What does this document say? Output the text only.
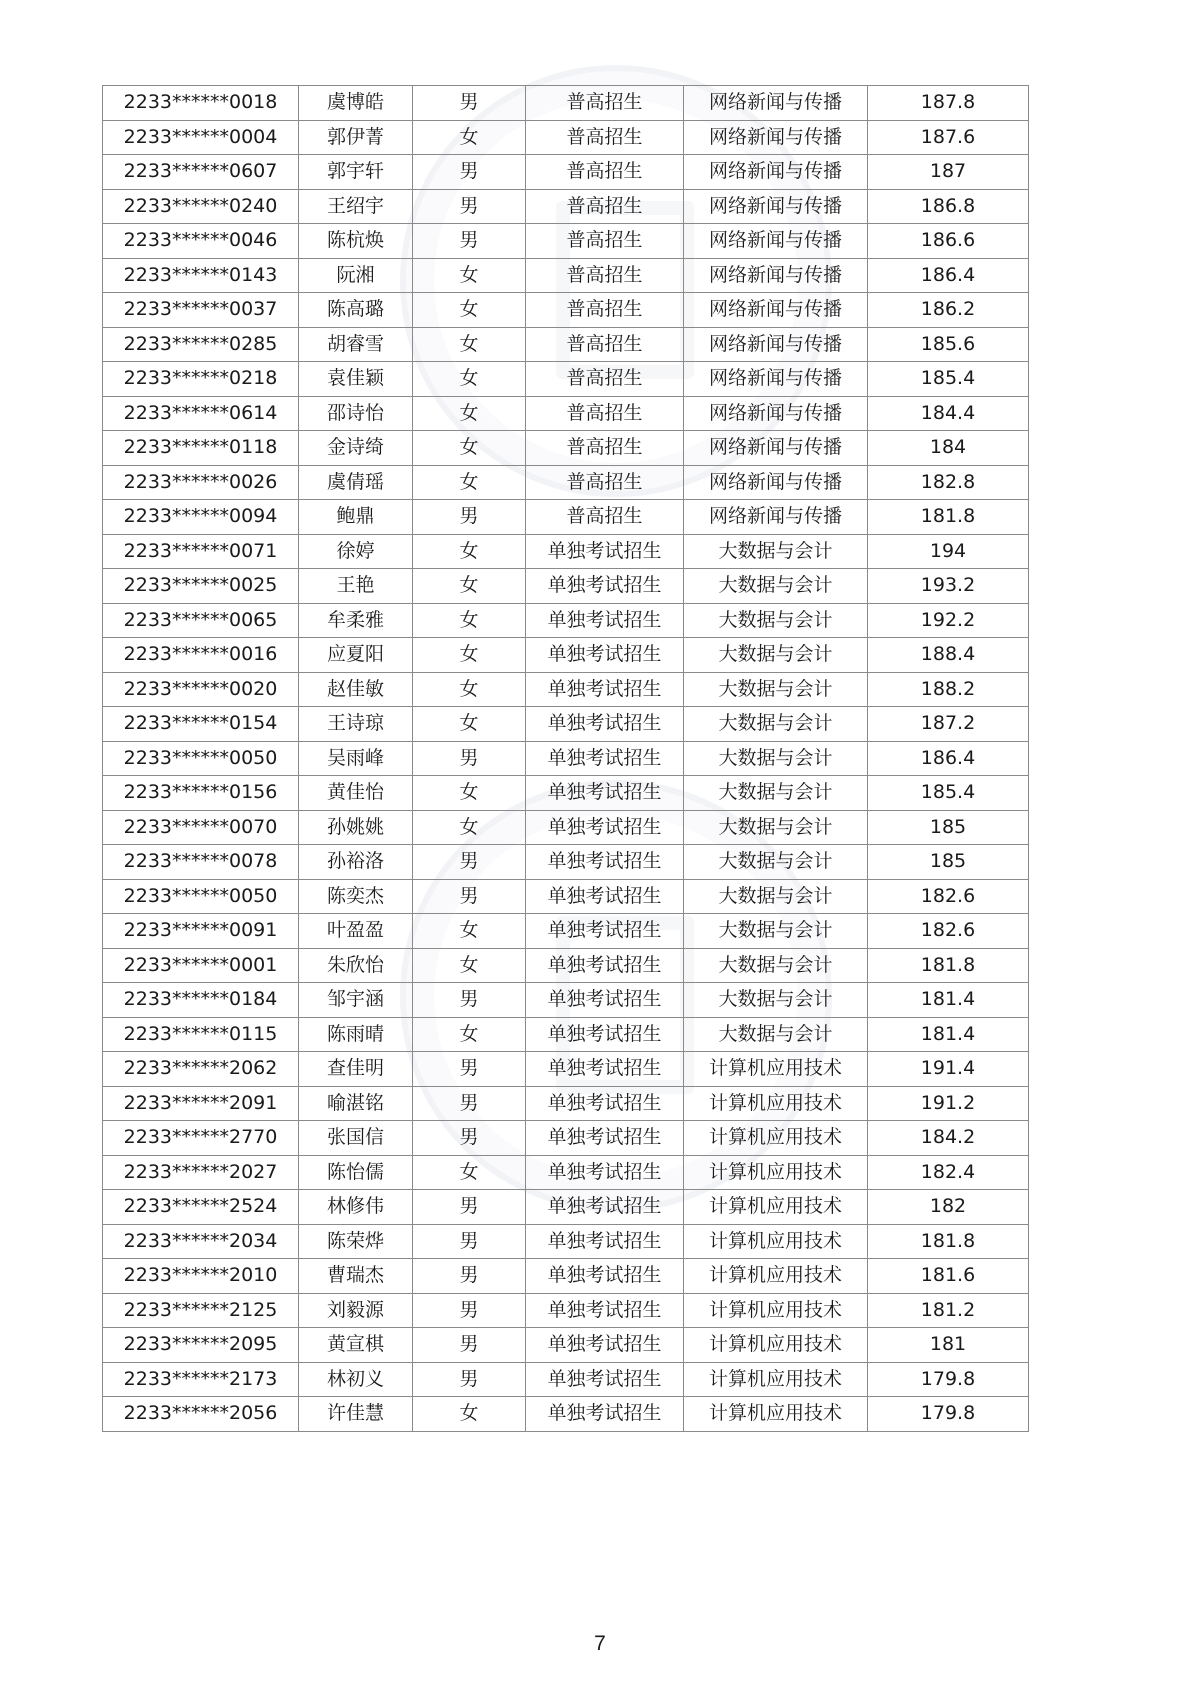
2233******0018	虞博皓	男	普高招生	网络新闻与传播	187.8
2233******0004	郭伊菁	女	普高招生	网络新闻与传播	187.6
2233******0607	郭宇轩	男	普高招生	网络新闻与传播	187
2233******0240	王绍宇	男	普高招生	网络新闻与传播	186.8
2233******0046	陈杭焕	男	普高招生	网络新闻与传播	186.6
2233******0143	阮湘	女	普高招生	网络新闻与传播	186.4
2233******0037	陈高璐	女	普高招生	网络新闻与传播	186.2
2233******0285	胡睿雪	女	普高招生	网络新闻与传播	185.6
2233******0218	袁佳颖	女	普高招生	网络新闻与传播	185.4
2233******0614	邵诗怡	女	普高招生	网络新闻与传播	184.4
2233******0118	金诗绮	女	普高招生	网络新闻与传播	184
2233******0026	虞倩瑶	女	普高招生	网络新闻与传播	182.8
2233******0094	鲍鼎	男	普高招生	网络新闻与传播	181.8
2233******0071	徐婷	女	单独考试招生	大数据与会计	194
2233******0025	王艳	女	单独考试招生	大数据与会计	193.2
2233******0065	牟柔雅	女	单独考试招生	大数据与会计	192.2
2233******0016	应夏阳	女	单独考试招生	大数据与会计	188.4
2233******0020	赵佳敏	女	单独考试招生	大数据与会计	188.2
2233******0154	王诗琼	女	单独考试招生	大数据与会计	187.2
2233******0050	吴雨峰	男	单独考试招生	大数据与会计	186.4
2233******0156	黄佳怡	女	单独考试招生	大数据与会计	185.4
2233******0070	孙姚姚	女	单独考试招生	大数据与会计	185
2233******0078	孙裕洛	男	单独考试招生	大数据与会计	185
2233******0050	陈奕杰	男	单独考试招生	大数据与会计	182.6
2233******0091	叶盈盈	女	单独考试招生	大数据与会计	182.6
2233******0001	朱欣怡	女	单独考试招生	大数据与会计	181.8
2233******0184	邹宇涵	男	单独考试招生	大数据与会计	181.4
2233******0115	陈雨晴	女	单独考试招生	大数据与会计	181.4
2233******2062	查佳明	男	单独考试招生	计算机应用技术	191.4
2233******2091	喻湛铭	男	单独考试招生	计算机应用技术	191.2
2233******2770	张国信	男	单独考试招生	计算机应用技术	184.2
2233******2027	陈怡儒	女	单独考试招生	计算机应用技术	182.4
2233******2524	林修伟	男	单独考试招生	计算机应用技术	182
2233******2034	陈荣烨	男	单独考试招生	计算机应用技术	181.8
2233******2010	曹瑞杰	男	单独考试招生	计算机应用技术	181.6
2233******2125	刘毅源	男	单独考试招生	计算机应用技术	181.2
2233******2095	黄宣棋	男	单独考试招生	计算机应用技术	181
2233******2173	林初义	男	单独考试招生	计算机应用技术	179.8
2233******2056	许佳慧	女	单独考试招生	计算机应用技术	179.8
7
